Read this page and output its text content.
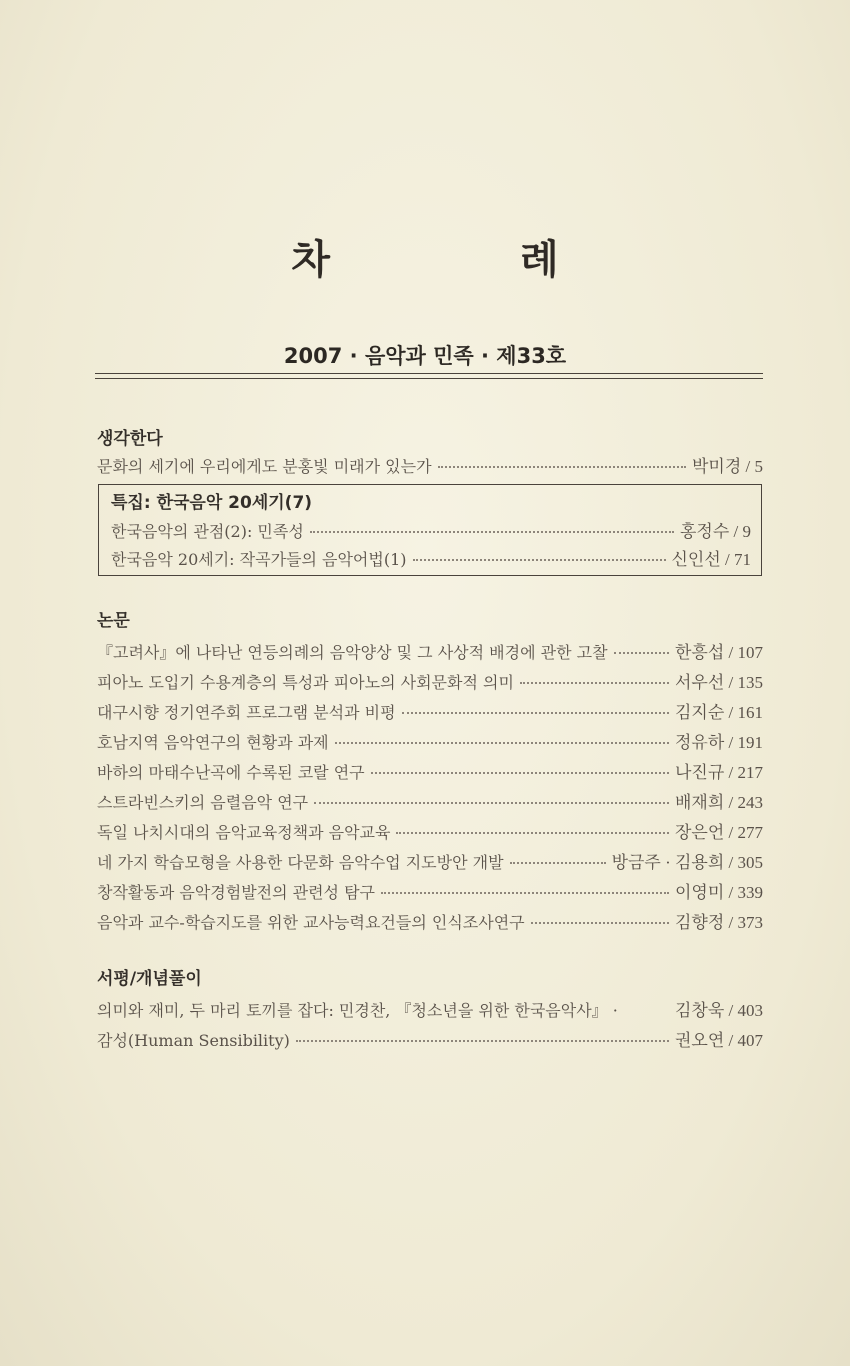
차 례
2007 · 음악과 민족 · 제33호
생각한다
문화의 세기에 우리에게도 분홍빛 미래가 있는가	박미경 / 5
특집: 한국음악 20세기(7)
한국음악의 관점(2): 민족성	홍정수 / 9
한국음악 20세기: 작곡가들의 음악어법(1)	신인선 / 71
논문
『고려사』에 나타난 연등의례의 음악양상 및 그 사상적 배경에 관한 고찰	한흥섭 / 107
피아노 도입기 수용계층의 특성과 피아노의 사회문화적 의미	서우선 / 135
대구시향 정기연주회 프로그램 분석과 비평	김지순 / 161
호남지역 음악연구의 현황과 과제	정유하 / 191
바하의 마태수난곡에 수록된 코랄 연구	나진규 / 217
스트라빈스키의 음렬음악 연구	배재희 / 243
독일 나치시대의 음악교육정책과 음악교육	장은언 / 277
네 가지 학습모형을 사용한 다문화 음악수업 지도방안 개발	방금주 · 김용희 / 305
창작활동과 음악경험발전의 관련성 탐구	이영미 / 339
음악과 교수-학습지도를 위한 교사능력요건들의 인식조사연구	김향정 / 373
서평/개념풀이
의미와 재미, 두 마리 토끼를 잡다: 민경찬, 『청소년을 위한 한국음악사』 ·	김창욱 / 403
감성(Human Sensibility)	권오연 / 407
